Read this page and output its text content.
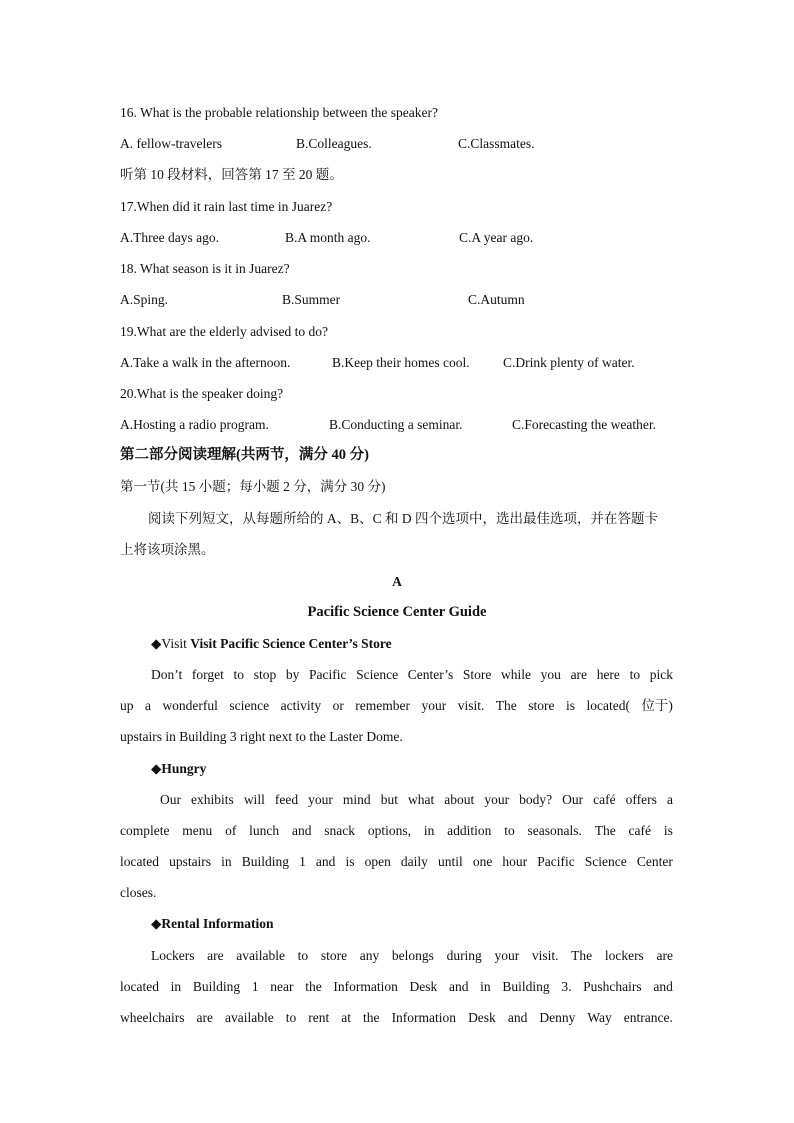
16. What is the probable relationship between the speaker?
A. fellow-travelers	B.Colleagues.	C.Classmates.
听第 10 段材料，回答第 17 至 20 题。
17.When did it rain last time in Juarez?
A.Three days ago.	B.A month ago.	C.A year ago.
18. What season is it in Juarez?
A.Sping.	B.Summer	C.Autumn
19.What are the elderly advised to do?
A.Take a walk in the afternoon.	B.Keep their homes cool. C.Drink plenty of water.
20.What is the speaker doing?
A.Hosting a radio program.	B.Conducting a seminar.	C.Forecasting the weather.
第二部分阅读理解(共两节，满分 40 分)
第一节(共 15 小题；每小题 2 分，满分 30 分)
阅读下列短文，从每题所给的 A、B、C 和 D 四个选项中，选出最佳选项，并在答题卡
上将该项涂黑。
A
Pacific Science Center Guide
◆Visit Visit Pacific Science Center’s Store
Don’t forget to stop by Pacific Science Center’s Store while you are here to pick
up a wonderful science activity or remember your visit. The store is located( 位于)
upstairs in Building 3 right next to the Laster Dome.
◆Hungry
Our exhibits will feed your mind but what about your body? Our café offers a
complete menu of lunch and snack options, in addition to seasonals. The café is
located upstairs in Building 1 and is open daily until one hour Pacific Science Center
closes.
◆Rental Information
Lockers are available to store any belongs during your visit. The lockers are
located in Building 1 near the Information Desk and in Building 3. Pushchairs and
wheelchairs are available to rent at the Information Desk and Denny Way entrance.
